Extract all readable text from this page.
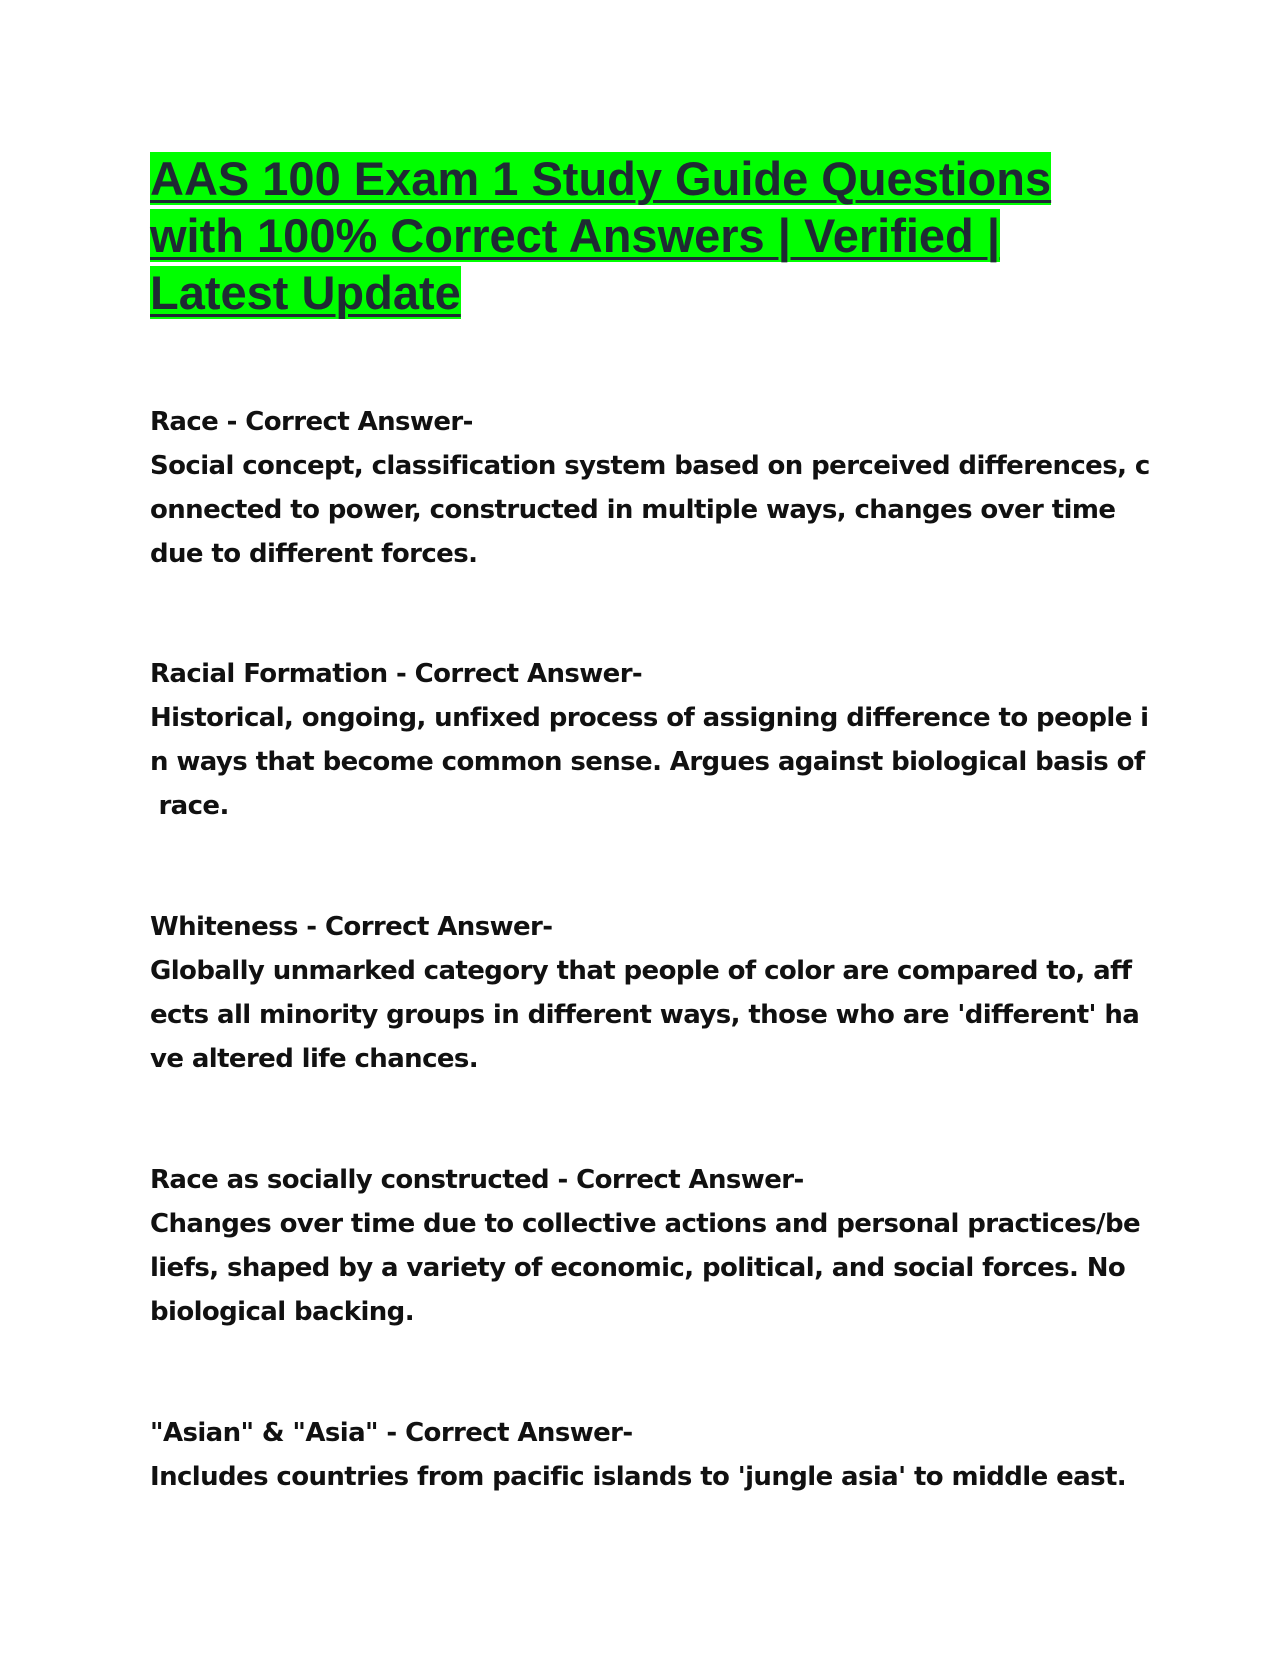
AAS 100 Exam 1 Study Guide Questions
with 100% Correct Answers | Verified |
Latest Update
Race - Correct Answer-
Social concept, classification system based on perceived differences, c
onnected to power, constructed in multiple ways, changes over time
due to different forces.
Racial Formation - Correct Answer-
Historical, ongoing, unfixed process of assigning difference to people i
n ways that become common sense. Argues against biological basis of
race.
Whiteness - Correct Answer-
Globally unmarked category that people of color are compared to, aff
ects all minority groups in different ways, those who are 'different' ha
ve altered life chances.
Race as socially constructed - Correct Answer-
Changes over time due to collective actions and personal practices/be
liefs, shaped by a variety of economic, political, and social forces. No
biological backing.
"Asian" & "Asia" - Correct Answer-
Includes countries from pacific islands to 'jungle asia' to middle east.
